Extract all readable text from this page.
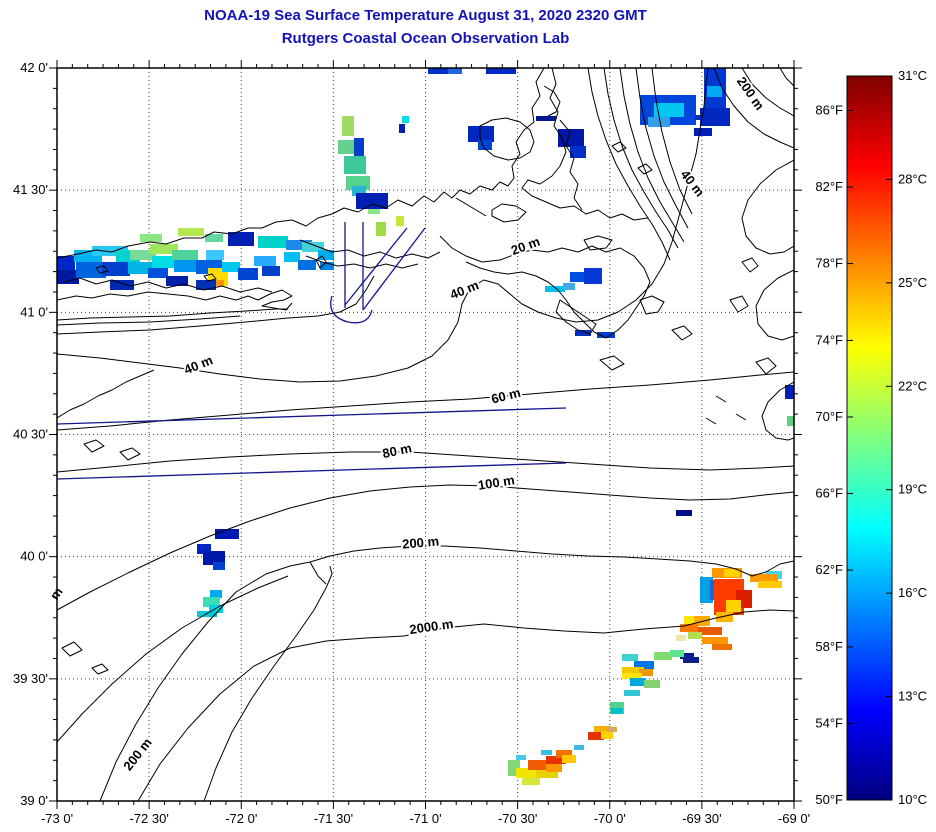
NOAA-19 Sea Surface Temperature August 31, 2020 2320 GMT
Rutgers Coastal Ocean Observation Lab
20 m
40 m
40 m
40 m
60 m
80 m
100 m
200 m
200 m
200 m
2000 m
m
-73 0'	-72 30'	-72 0'	-71 30'	-71 0'	-70 30'	-70 0'	-69 30'	-69 0'
42 0'
41 30'
41 0'
40 30'
40 0'
39 30'
39 0'
86°F
82°F
78°F
74°F
70°F
66°F
62°F
58°F
54°F
50°F
31°C
28°C
25°C
22°C
19°C
16°C
13°C
10°C
